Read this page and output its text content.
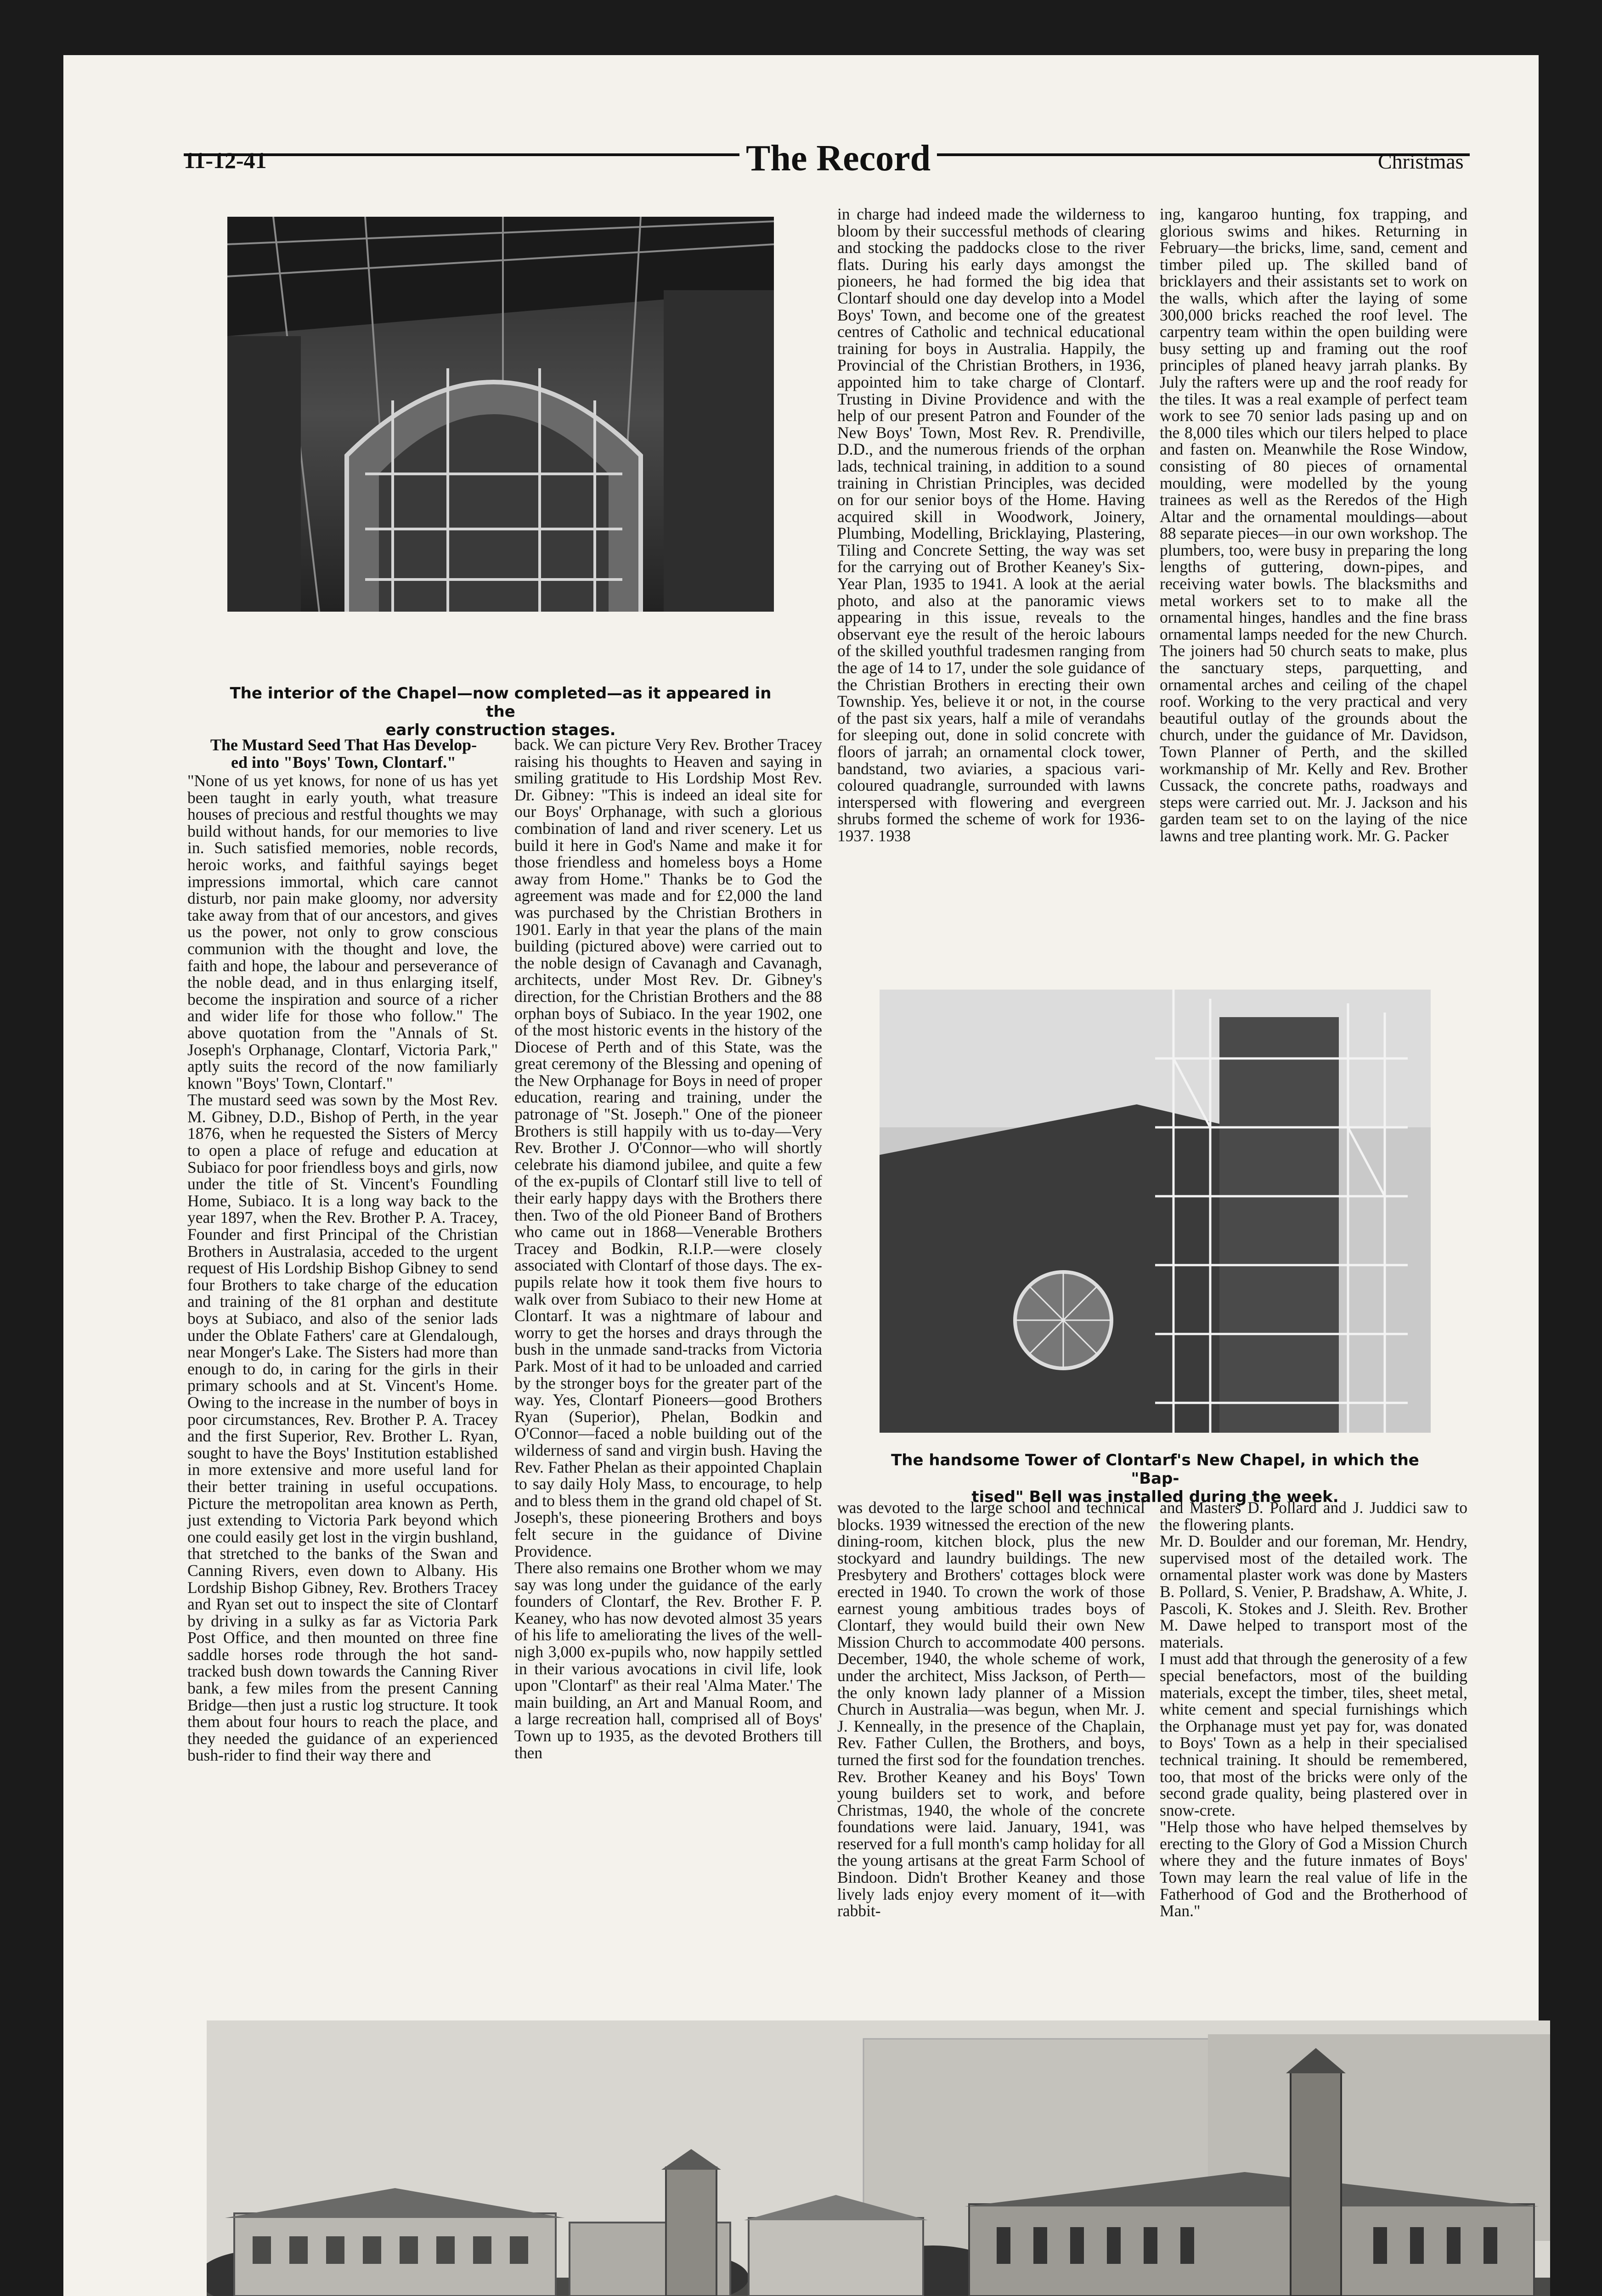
11-12-41	The Record	Christmas

The interior of the Chapel—now completed—as it appeared in the
early construction stages.

The Mustard Seed That Has Develop-
ed into "Boys' Town, Clontarf."

"None of us yet knows, for none of us has yet been taught in early youth, what treasure houses of precious and restful thoughts we may build without hands, for our memories to live in. Such satisfied memories, noble records, heroic works, and faithful sayings beget impressions immortal, which care cannot disturb, nor pain make gloomy, nor adversity take away from that of our ancestors, and gives us the power, not only to grow conscious communion with the thought and love, the faith and hope, the labour and perseverance of the noble dead, and in thus enlarging itself, become the inspiration and source of a richer and wider life for those who follow." The above quotation from the "Annals of St. Joseph's Orphanage, Clontarf, Victoria Park," aptly suits the record of the now familiarly known "Boys' Town, Clontarf."
The mustard seed was sown by the Most Rev. M. Gibney, D.D., Bishop of Perth, in the year 1876, when he requested the Sisters of Mercy to open a place of refuge and education at Subiaco for poor friendless boys and girls, now under the title of St. Vincent's Foundling Home, Subiaco. It is a long way back to the year 1897, when the Rev. Brother P. A. Tracey, Founder and first Principal of the Christian Brothers in Australasia, acceded to the urgent request of His Lordship Bishop Gibney to send four Brothers to take charge of the education and training of the 81 orphan and destitute boys at Subiaco, and also of the senior lads under the Oblate Fathers' care at Glendalough, near Monger's Lake. The Sisters had more than enough to do, in caring for the girls in their primary schools and at St. Vincent's Home. Owing to the increase in the number of boys in poor circumstances, Rev. Brother P. A. Tracey and the first Superior, Rev. Brother L. Ryan, sought to have the Boys' Institution established in more extensive and more useful land for their better training in useful occupations. Picture the metropolitan area known as Perth, just extending to Victoria Park beyond which one could easily get lost in the virgin bushland, that stretched to the banks of the Swan and Canning Rivers, even down to Albany. His Lordship Bishop Gibney, Rev. Brothers Tracey and Ryan set out to inspect the site of Clontarf by driving in a sulky as far as Victoria Park Post Office, and then mounted on three fine saddle horses rode through the hot sand-tracked bush down towards the Canning River bank, a few miles from the present Canning Bridge—then just a rustic log structure. It took them about four hours to reach the place, and they needed the guidance of an experienced bush-rider to find their way there and

back. We can picture Very Rev. Brother Tracey raising his thoughts to Heaven and saying in smiling gratitude to His Lordship Most Rev. Dr. Gibney: "This is indeed an ideal site for our Boys' Orphanage, with such a glorious combination of land and river scenery. Let us build it here in God's Name and make it for those friendless and homeless boys a Home away from Home." Thanks be to God the agreement was made and for £2,000 the land was purchased by the Christian Brothers in 1901. Early in that year the plans of the main building (pictured above) were carried out to the noble design of Cavanagh and Cavanagh, architects, under Most Rev. Dr. Gibney's direction, for the Christian Brothers and the 88 orphan boys of Subiaco. In the year 1902, one of the most historic events in the history of the Diocese of Perth and of this State, was the great ceremony of the Blessing and opening of the New Orphanage for Boys in need of proper education, rearing and training, under the patronage of "St. Joseph." One of the pioneer Brothers is still happily with us to-day—Very Rev. Brother J. O'Connor—who will shortly celebrate his diamond jubilee, and quite a few of the ex-pupils of Clontarf still live to tell of their early happy days with the Brothers there then. Two of the old Pioneer Band of Brothers who came out in 1868—Venerable Brothers Tracey and Bodkin, R.I.P.—were closely associated with Clontarf of those days. The ex-pupils relate how it took them five hours to walk over from Subiaco to their new Home at Clontarf. It was a nightmare of labour and worry to get the horses and drays through the bush in the unmade sand-tracks from Victoria Park. Most of it had to be unloaded and carried by the stronger boys for the greater part of the way. Yes, Clontarf Pioneers—good Brothers Ryan (Superior), Phelan, Bodkin and O'Connor—faced a noble building out of the wilderness of sand and virgin bush. Having the Rev. Father Phelan as their appointed Chaplain to say daily Holy Mass, to encourage, to help and to bless them in the grand old chapel of St. Joseph's, these pioneering Brothers and boys felt secure in the guidance of Divine Providence.
There also remains one Brother whom we may say was long under the guidance of the early founders of Clontarf, the Rev. Brother F. P. Keaney, who has now devoted almost 35 years of his life to ameliorating the lives of the well-nigh 3,000 ex-pupils who, now happily settled in their various avocations in civil life, look upon "Clontarf" as their real 'Alma Mater.' The main building, an Art and Manual Room, and a large recreation hall, comprised all of Boys' Town up to 1935, as the devoted Brothers till then

in charge had indeed made the wilderness to bloom by their successful methods of clearing and stocking the paddocks close to the river flats. During his early days amongst the pioneers, he had formed the big idea that Clontarf should one day develop into a Model Boys' Town, and become one of the greatest centres of Catholic and technical educational training for boys in Australia. Happily, the Provincial of the Christian Brothers, in 1936, appointed him to take charge of Clontarf. Trusting in Divine Providence and with the help of our present Patron and Founder of the New Boys' Town, Most Rev. R. Prendiville, D.D., and the numerous friends of the orphan lads, technical training, in addition to a sound training in Christian Principles, was decided on for our senior boys of the Home. Having acquired skill in Woodwork, Joinery, Plumbing, Modelling, Bricklaying, Plastering, Tiling and Concrete Setting, the way was set for the carrying out of Brother Keaney's Six-Year Plan, 1935 to 1941. A look at the aerial photo, and also at the panoramic views appearing in this issue, reveals to the observant eye the result of the heroic labours of the skilled youthful tradesmen ranging from the age of 14 to 17, under the sole guidance of the Christian Brothers in erecting their own Township. Yes, believe it or not, in the course of the past six years, half a mile of verandahs for sleeping out, done in solid concrete with floors of jarrah; an ornamental clock tower, bandstand, two aviaries, a spacious vari-coloured quadrangle, surrounded with lawns interspersed with flowering and evergreen shrubs formed the scheme of work for 1936-1937. 1938

ing, kangaroo hunting, fox trapping, and glorious swims and hikes. Returning in February—the bricks, lime, sand, cement and timber piled up. The skilled band of bricklayers and their assistants set to work on the walls, which after the laying of some 300,000 bricks reached the roof level. The carpentry team within the open building were busy setting up and framing out the roof principles of planed heavy jarrah planks. By July the rafters were up and the roof ready for the tiles. It was a real example of perfect team work to see 70 senior lads pasing up and on the 8,000 tiles which our tilers helped to place and fasten on. Meanwhile the Rose Window, consisting of 80 pieces of ornamental moulding, were modelled by the young trainees as well as the Reredos of the High Altar and the ornamental mouldings—about 88 separate pieces—in our own workshop. The plumbers, too, were busy in preparing the long lengths of guttering, down-pipes, and receiving water bowls. The blacksmiths and metal workers set to to make all the ornamental hinges, handles and the fine brass ornamental lamps needed for the new Church. The joiners had 50 church seats to make, plus the sanctuary steps, parquetting, and ornamental arches and ceiling of the chapel roof. Working to the very practical and very beautiful outlay of the grounds about the church, under the guidance of Mr. Davidson, Town Planner of Perth, and the skilled workmanship of Mr. Kelly and Rev. Brother Cussack, the concrete paths, roadways and steps were carried out. Mr. J. Jackson and his garden team set to on the laying of the nice lawns and tree planting work. Mr. G. Packer

The handsome Tower of Clontarf's New Chapel, in which the "Bap-
tised" Bell was installed during the week.

was devoted to the large school and technical blocks. 1939 witnessed the erection of the new dining-room, kitchen block, plus the new stockyard and laundry buildings. The new Presbytery and Brothers' cottages block were erected in 1940. To crown the work of those earnest young ambitious trades boys of Clontarf, they would build their own New Mission Church to accommodate 400 persons. December, 1940, the whole scheme of work, under the architect, Miss Jackson, of Perth—the only known lady planner of a Mission Church in Australia—was begun, when Mr. J. J. Kenneally, in the presence of the Chaplain, Rev. Father Cullen, the Brothers, and boys, turned the first sod for the foundation trenches. Rev. Brother Keaney and his Boys' Town young builders set to work, and before Christmas, 1940, the whole of the concrete foundations were laid. January, 1941, was reserved for a full month's camp holiday for all the young artisans at the great Farm School of Bindoon. Didn't Brother Keaney and those lively lads enjoy every moment of it—with rabbit-

and Masters D. Pollard and J. Juddici saw to the flowering plants.
Mr. D. Boulder and our foreman, Mr. Hendry, supervised most of the detailed work. The ornamental plaster work was done by Masters B. Pollard, S. Venier, P. Bradshaw, A. White, J. Pascoli, K. Stokes and J. Sleith. Rev. Brother M. Dawe helped to transport most of the materials.
I must add that through the generosity of a few special benefactors, most of the building materials, except the timber, tiles, sheet metal, white cement and special furnishings which the Orphanage must yet pay for, was donated to Boys' Town as a help in their specialised technical training. It should be remembered, too, that most of the bricks were only of the second grade quality, being plastered over in snow-crete.
"Help those who have helped themselves by erecting to the Glory of God a Mission Church where they and the future inmates of Boys' Town may learn the real value of life in the Fatherhood of God and the Brotherhood of Man."
